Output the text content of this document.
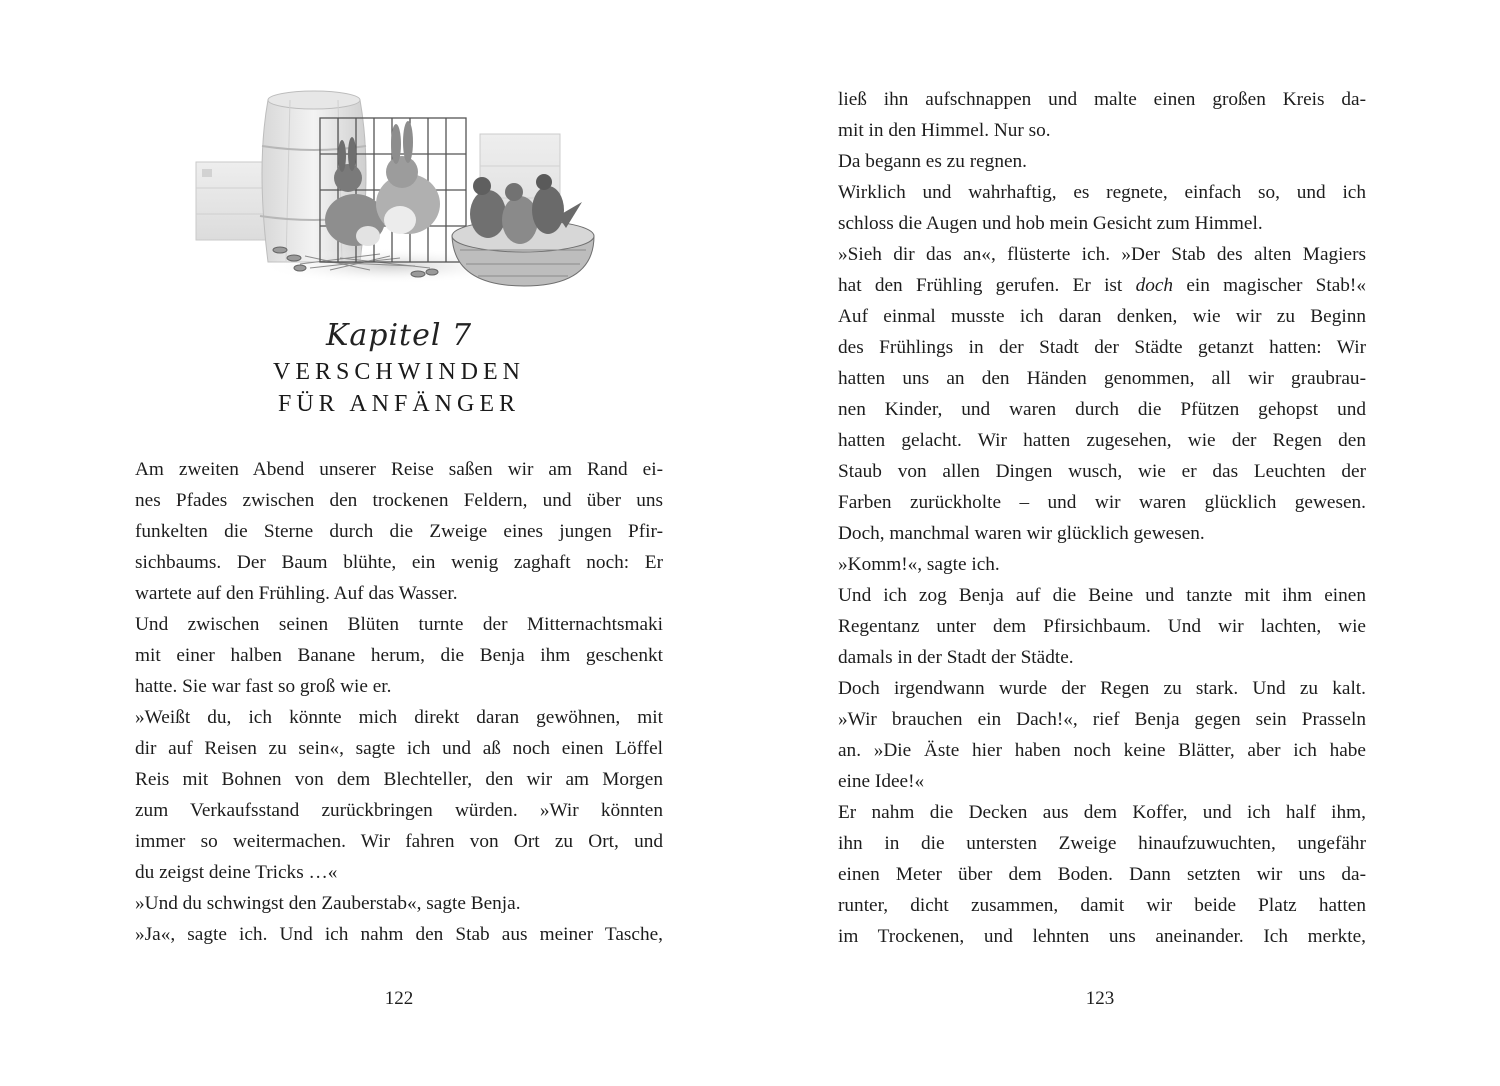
Kapitel 7
VERSCHWINDEN
FÜR ANFÄNGER

Am zweiten Abend unserer Reise saßen wir am Rand ei-

nes Pfades zwischen den trockenen Feldern, und über uns

funkelten die Sterne durch die Zweige eines jungen Pfir-

sichbaums. Der Baum blühte, ein wenig zaghaft noch: Er

wartete auf den Frühling. Auf das Wasser.

Und zwischen seinen Blüten turnte der Mitternachtsmaki

mit einer halben Banane herum, die Benja ihm geschenkt

hatte. Sie war fast so groß wie er.

»Weißt du, ich könnte mich direkt daran gewöhnen, mit

dir auf Reisen zu sein«, sagte ich und aß noch einen Löffel

Reis mit Bohnen von dem Blechteller, den wir am Morgen

zum Verkaufsstand zurückbringen würden. »Wir könnten

immer so weitermachen. Wir fahren von Ort zu Ort, und

du zeigst deine Tricks …«

»Und du schwingst den Zauberstab«, sagte Benja.

»Ja«, sagte ich. Und ich nahm den Stab aus meiner Tasche,

122

ließ ihn aufschnappen und malte einen großen Kreis da-

mit in den Himmel. Nur so.

Da begann es zu regnen.

Wirklich und wahrhaftig, es regnete, einfach so, und ich

schloss die Augen und hob mein Gesicht zum Himmel.

»Sieh dir das an«, flüsterte ich. »Der Stab des alten Magiers

hat den Frühling gerufen. Er ist doch ein magischer Stab!«

Auf einmal musste ich daran denken, wie wir zu Beginn

des Frühlings in der Stadt der Städte getanzt hatten: Wir

hatten uns an den Händen genommen, all wir graubrau-

nen Kinder, und waren durch die Pfützen gehopst und

hatten gelacht. Wir hatten zugesehen, wie der Regen den

Staub von allen Dingen wusch, wie er das Leuchten der

Farben zurückholte – und wir waren glücklich gewesen.

Doch, manchmal waren wir glücklich gewesen.

»Komm!«, sagte ich.

Und ich zog Benja auf die Beine und tanzte mit ihm einen

Regentanz unter dem Pfirsichbaum. Und wir lachten, wie

damals in der Stadt der Städte.

Doch irgendwann wurde der Regen zu stark. Und zu kalt.

»Wir brauchen ein Dach!«, rief Benja gegen sein Prasseln

an. »Die Äste hier haben noch keine Blätter, aber ich habe

eine Idee!«

Er nahm die Decken aus dem Koffer, und ich half ihm,

ihn in die untersten Zweige hinaufzuwuchten, ungefähr

einen Meter über dem Boden. Dann setzten wir uns da-

runter, dicht zusammen, damit wir beide Platz hatten

im Trockenen, und lehnten uns aneinander. Ich merkte,

123
